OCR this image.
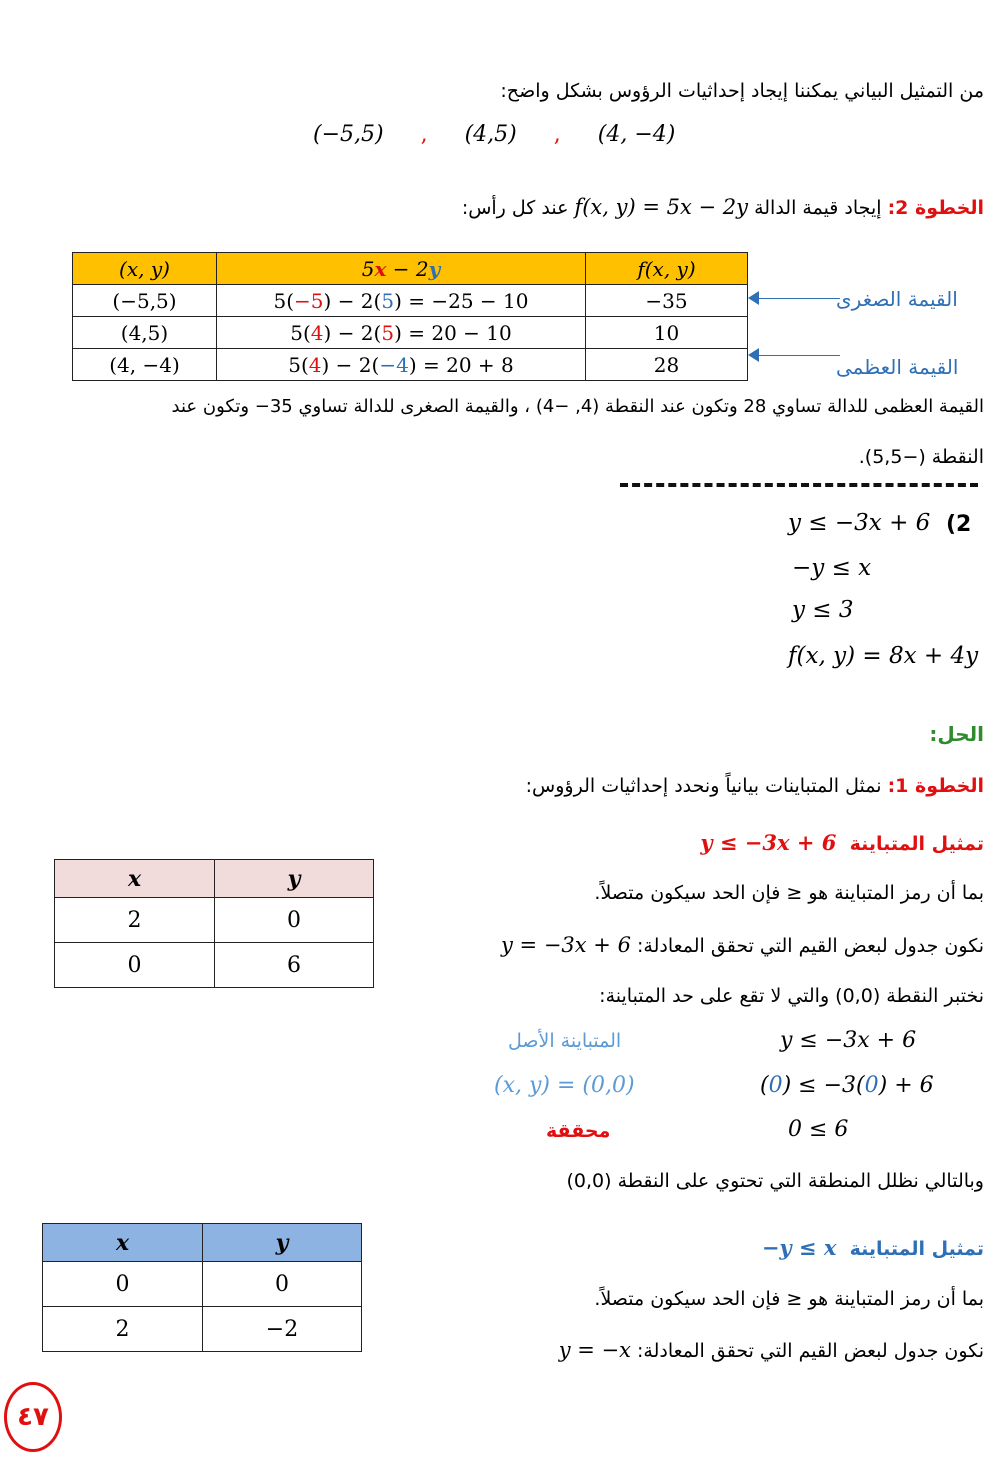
من التمثيل البياني يمكننا إيجاد إحداثيات الرؤوس بشكل واضح:
(−5,5) , (4,5) , (4, −4)
الخطوة 2: إيجاد قيمة الدالة f(x, y) = 5x − 2y عند كل رأس:
(x, y)	5x − 2y	f(x, y)
(−5,5)	5(−5) − 2(5) = −25 − 10	−35
(4,5)	5(4) − 2(5) = 20 − 10	10
(4, −4)	5(4) − 2(−4) = 20 + 8	28
القيمة الصغرى
القيمة العظمى
القيمة العظمى للدالة تساوي 28 وتكون عند النقطة (4, −4) ، والقيمة الصغرى للدالة تساوي 35− وتكون عند
النقطة (−5,5).
(2
y ≤ −3x + 6
−y ≤ x
y ≤ 3
f(x, y) = 8x + 4y
الحل:
الخطوة 1: نمثل المتباينات بيانياً ونحدد إحداثيات الرؤوس:
تمثيل المتباينة  y ≤ −3x + 6
بما أن رمز المتباينة هو ≤ فإن الحد سيكون متصلاً.
نكون جدول لبعض القيم التي تحقق المعادلة: y = −3x + 6
نختبر النقطة (0,0) والتي لا تقع على حد المتباينة:
المتباينة الأصل	y ≤ −3x + 6
(x, y) = (0,0)	(0) ≤ −3(0) + 6
محققة	0 ≤ 6
وبالتالي نظلل المنطقة التي تحتوي على النقطة (0,0)
x	y
2	0
0	6
تمثيل المتباينة  −y ≤ x
بما أن رمز المتباينة هو ≤ فإن الحد سيكون متصلاً.
نكون جدول لبعض القيم التي تحقق المعادلة: y = −x
x	y
0	0
2	−2
٤٧
